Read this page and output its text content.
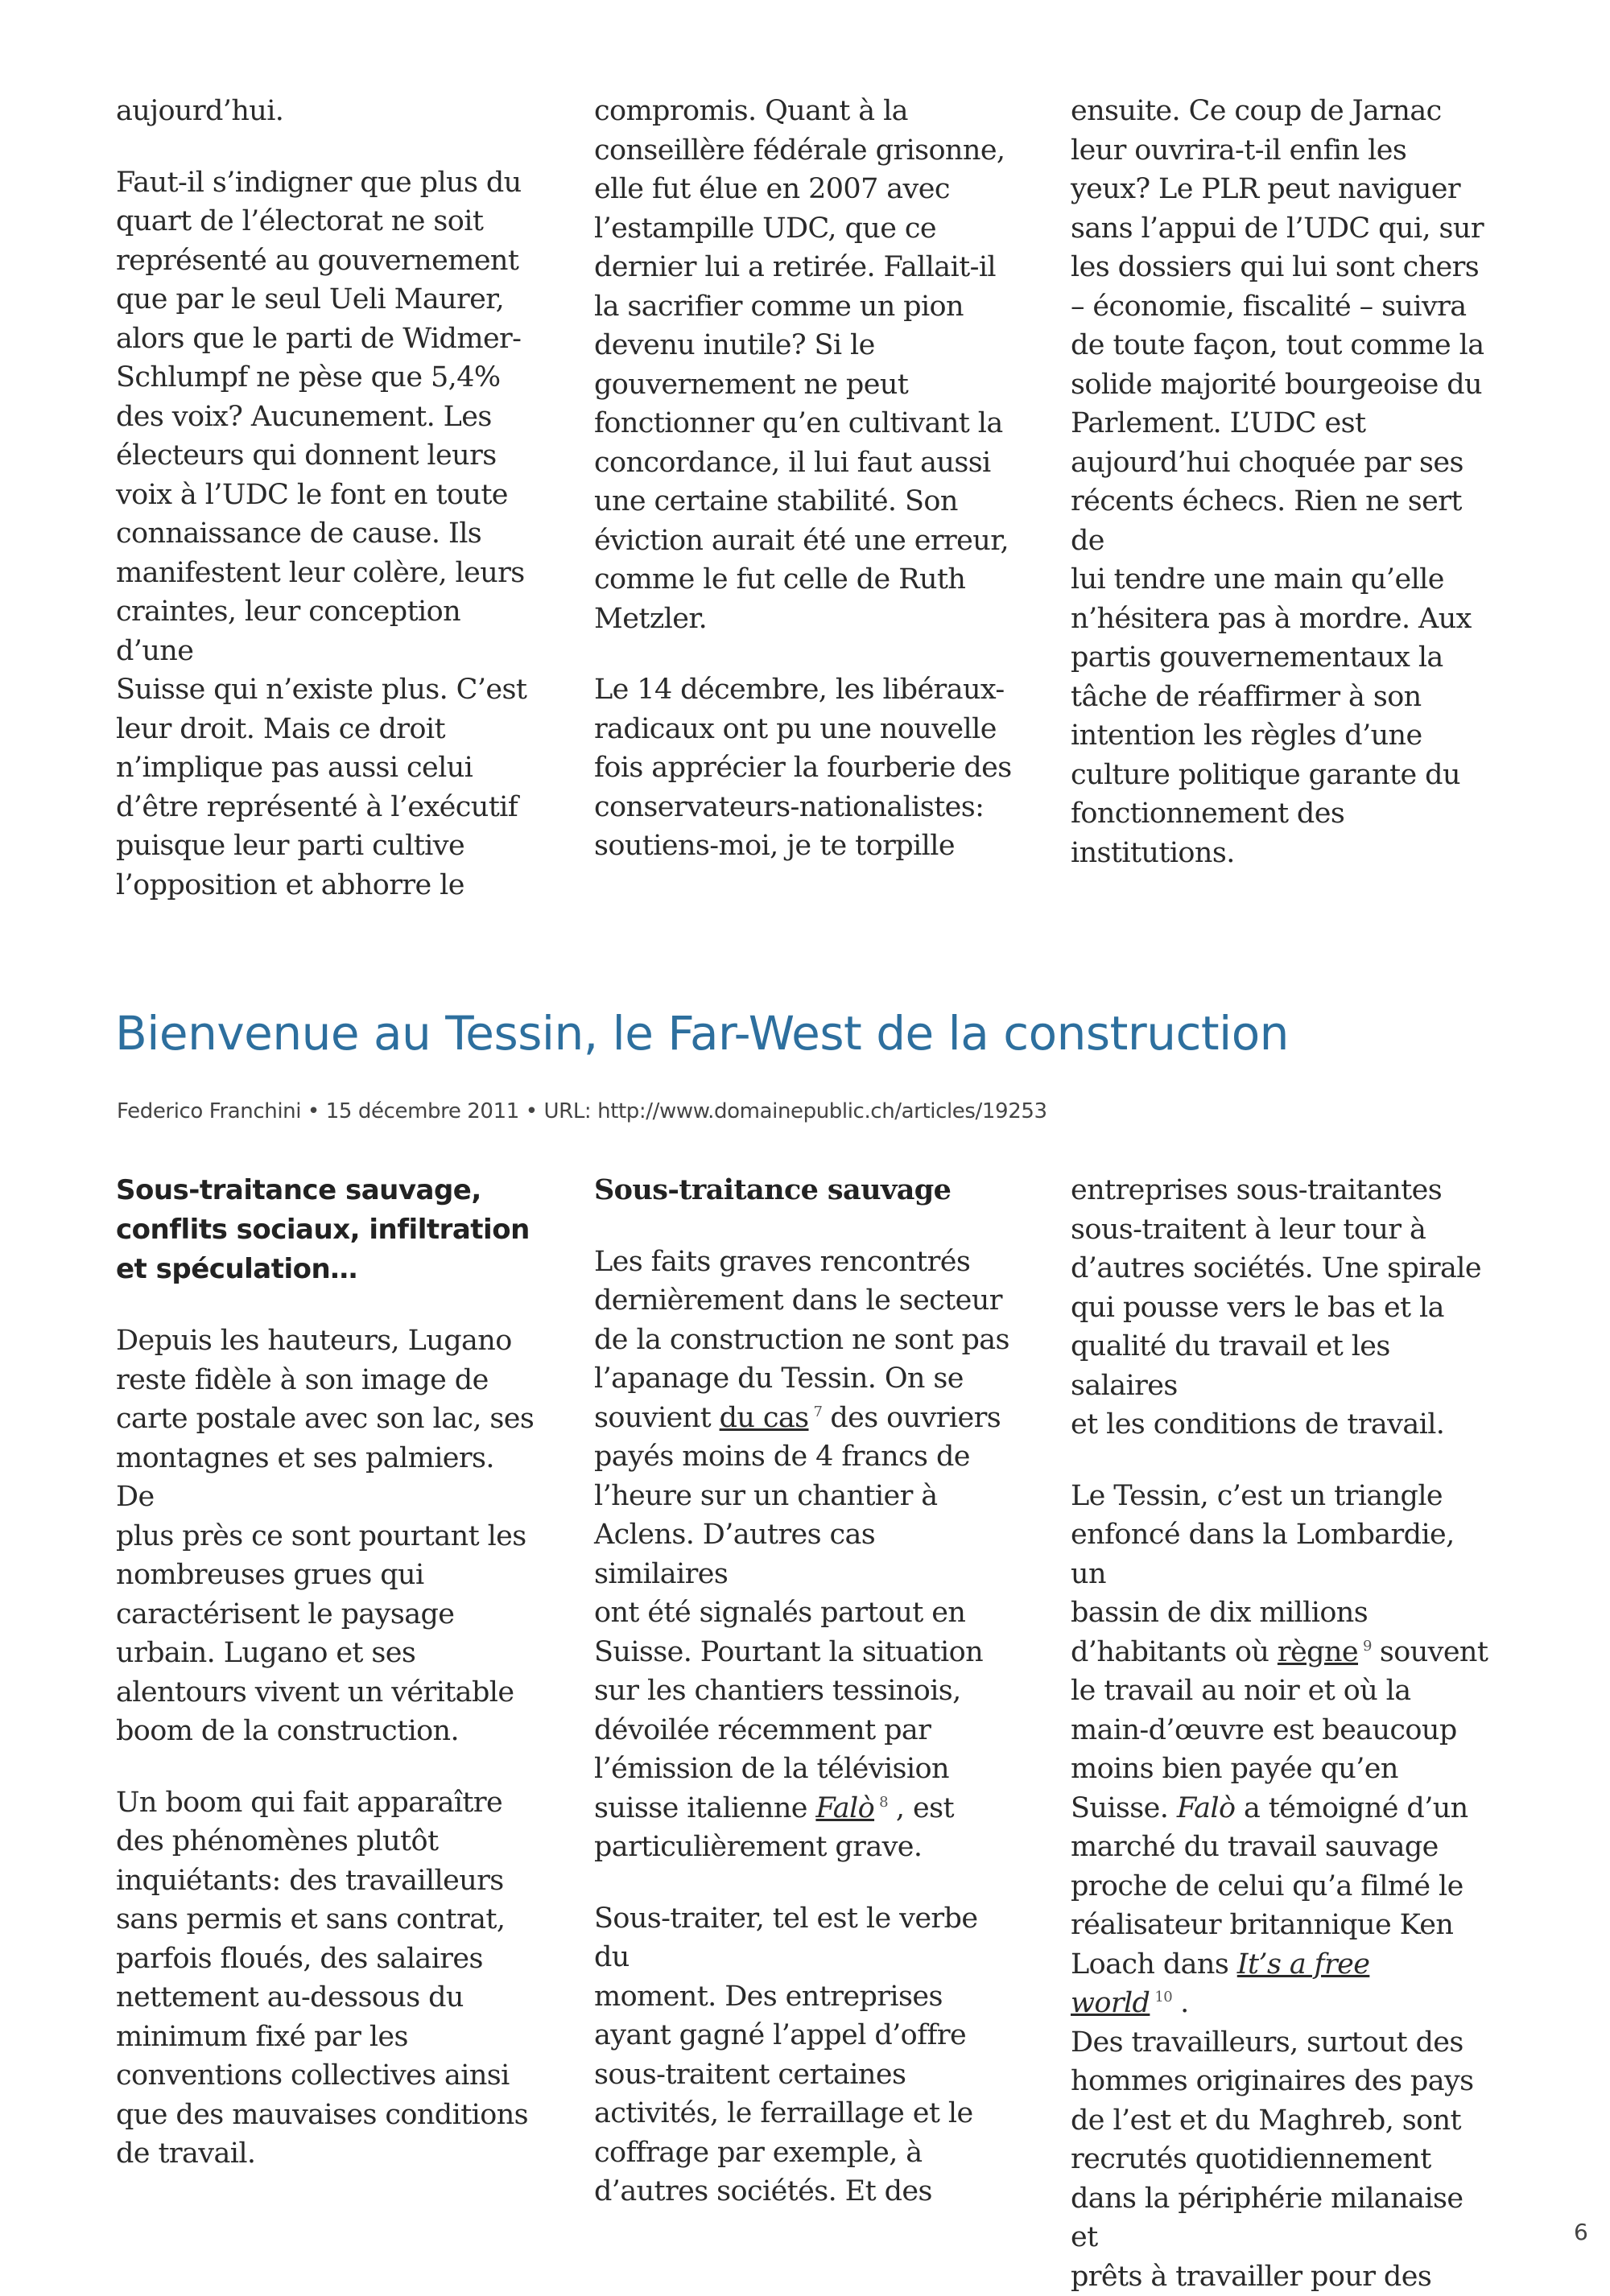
aujourd’hui.

Faut-il s’indigner que plus du
quart de l’électorat ne soit
représenté au gouvernement
que par le seul Ueli Maurer,
alors que le parti de Widmer-
Schlumpf ne pèse que 5,4%
des voix? Aucunement. Les
électeurs qui donnent leurs
voix à l’UDC le font en toute
connaissance de cause. Ils
manifestent leur colère, leurs
craintes, leur conception d’une
Suisse qui n’existe plus. C’est
leur droit. Mais ce droit
n’implique pas aussi celui
d’être représenté à l’exécutif
puisque leur parti cultive
l’opposition et abhorre le

compromis. Quant à la
conseillère fédérale grisonne,
elle fut élue en 2007 avec
l’estampille UDC, que ce
dernier lui a retirée. Fallait-il
la sacrifier comme un pion
devenu inutile? Si le
gouvernement ne peut
fonctionner qu’en cultivant la
concordance, il lui faut aussi
une certaine stabilité. Son
éviction aurait été une erreur,
comme le fut celle de Ruth
Metzler.

Le 14 décembre, les libéraux-
radicaux ont pu une nouvelle
fois apprécier la fourberie des
conservateurs-nationalistes:
soutiens-moi, je te torpille

ensuite. Ce coup de Jarnac
leur ouvrira-t-il enfin les
yeux? Le PLR peut naviguer
sans l’appui de l’UDC qui, sur
les dossiers qui lui sont chers
– économie, fiscalité – suivra
de toute façon, tout comme la
solide majorité bourgeoise du
Parlement. L’UDC est
aujourd’hui choquée par ses
récents échecs. Rien ne sert de
lui tendre une main qu’elle
n’hésitera pas à mordre. Aux
partis gouvernementaux la
tâche de réaffirmer à son
intention les règles d’une
culture politique garante du
fonctionnement des
institutions.

Bienvenue au Tessin, le Far-West de la construction
Federico Franchini • 15 décembre 2011 • URL: http://www.domainepublic.ch/articles/19253

Sous-traitance sauvage,
conflits sociaux, infiltration
et spéculation…

Depuis les hauteurs, Lugano
reste fidèle à son image de
carte postale avec son lac, ses
montagnes et ses palmiers. De
plus près ce sont pourtant les
nombreuses grues qui
caractérisent le paysage
urbain. Lugano et ses
alentours vivent un véritable
boom de la construction.

Un boom qui fait apparaître
des phénomènes plutôt
inquiétants: des travailleurs
sans permis et sans contrat,
parfois floués, des salaires
nettement au-dessous du
minimum fixé par les
conventions collectives ainsi
que des mauvaises conditions
de travail.

Sous-traitance sauvage

Les faits graves rencontrés
dernièrement dans le secteur
de la construction ne sont pas
l’apanage du Tessin. On se
souvient du cas $^7$ des ouvriers
payés moins de 4 francs de
l’heure sur un chantier à
Aclens. D’autres cas similaires
ont été signalés partout en
Suisse. Pourtant la situation
sur les chantiers tessinois,
dévoilée récemment par
l’émission de la télévision
suisse italienne Falò $^8$ , est
particulièrement grave.

Sous-traiter, tel est le verbe du
moment. Des entreprises
ayant gagné l’appel d’offre
sous-traitent certaines
activités, le ferraillage et le
coffrage par exemple, à
d’autres sociétés. Et des

entreprises sous-traitantes
sous-traitent à leur tour à
d’autres sociétés. Une spirale
qui pousse vers le bas et la
qualité du travail et les salaires
et les conditions de travail.

Le Tessin, c’est un triangle
enfoncé dans la Lombardie, un
bassin de dix millions
d’habitants où règne $^9$ souvent
le travail au noir et où la
main-d’œuvre est beaucoup
moins bien payée qu’en
Suisse. Falò a témoigné d’un
marché du travail sauvage
proche de celui qu’a filmé le
réalisateur britannique Ken
Loach dans It’s a free world $^{10}$ .
Des travailleurs, surtout des
hommes originaires des pays
de l’est et du Maghreb, sont
recrutés quotidiennement
dans la périphérie milanaise et
prêts à travailler pour des

6
